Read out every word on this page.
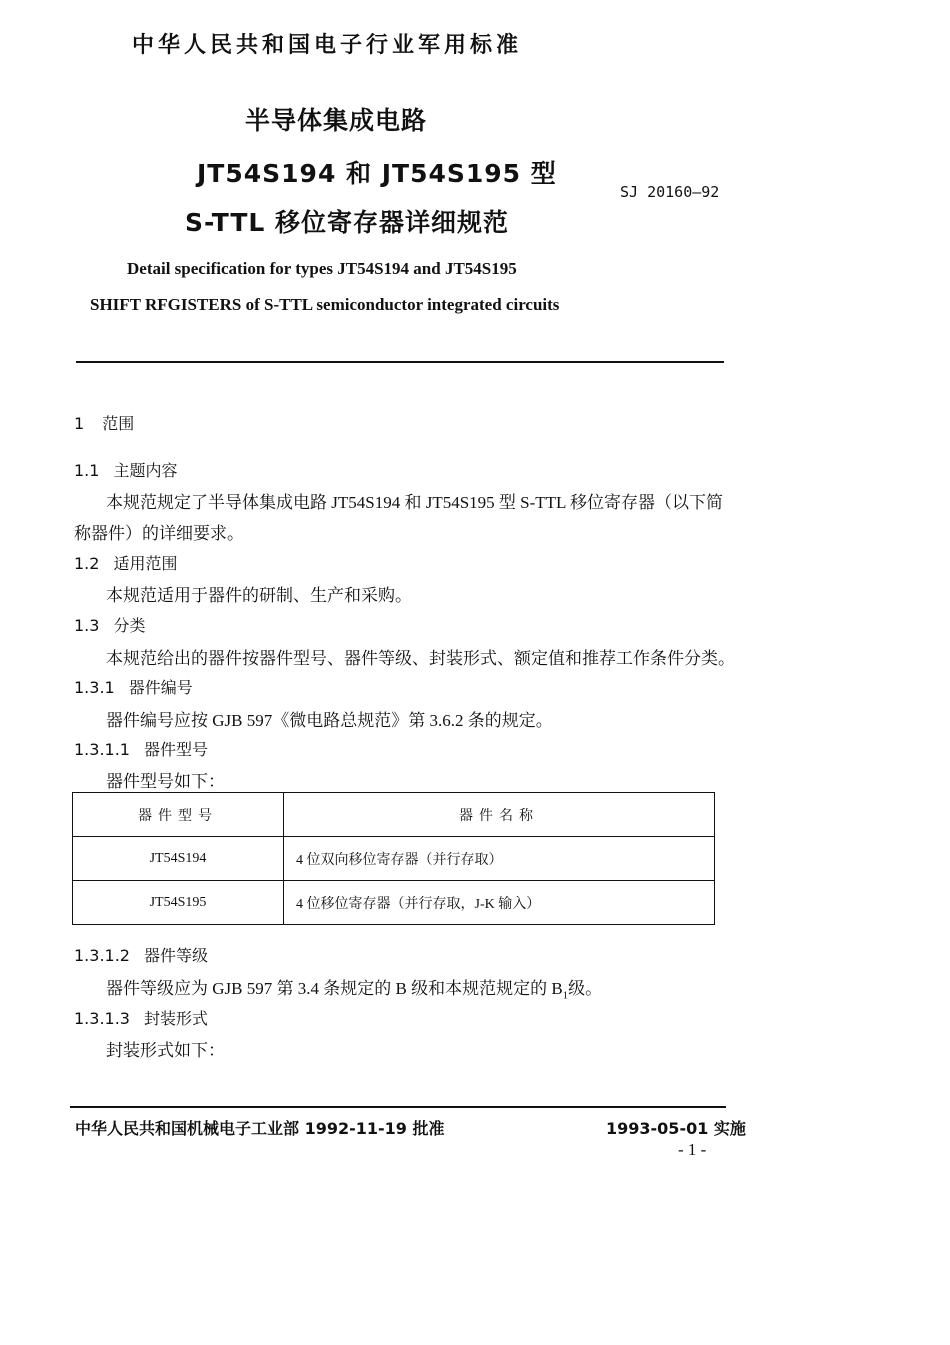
中华人民共和国电子行业军用标准
半导体集成电路
JT54S194 和 JT54S195 型
S-TTL 移位寄存器详细规范
SJ 20160—92
Detail specification for types JT54S194 and JT54S195
SHIFT RFGISTERS of S-TTL semiconductor integrated circuits
1 范围
1.1 主题内容
本规范规定了半导体集成电路 JT54S194 和 JT54S195 型 S-TTL 移位寄存器（以下简
称器件）的详细要求。
1.2 适用范围
本规范适用于器件的研制、生产和采购。
1.3 分类
本规范给出的器件按器件型号、器件等级、封装形式、额定值和推荐工作条件分类。
1.3.1 器件编号
器件编号应按 GJB 597《微电路总规范》第 3.6.2 条的规定。
1.3.1.1 器件型号
器件型号如下：
器件型号	器件名称
JT54S194	4 位双向移位寄存器（并行存取）
JT54S195	4 位移位寄存器（并行存取，J-K 输入）
1.3.1.2 器件等级
器件等级应为 GJB 597 第 3.4 条规定的 B 级和本规范规定的 $B_1$级。
1.3.1.3 封装形式
封装形式如下：
中华人民共和国机械电子工业部 1992-11-19 批准	1993-05-01 实施
- 1 -
